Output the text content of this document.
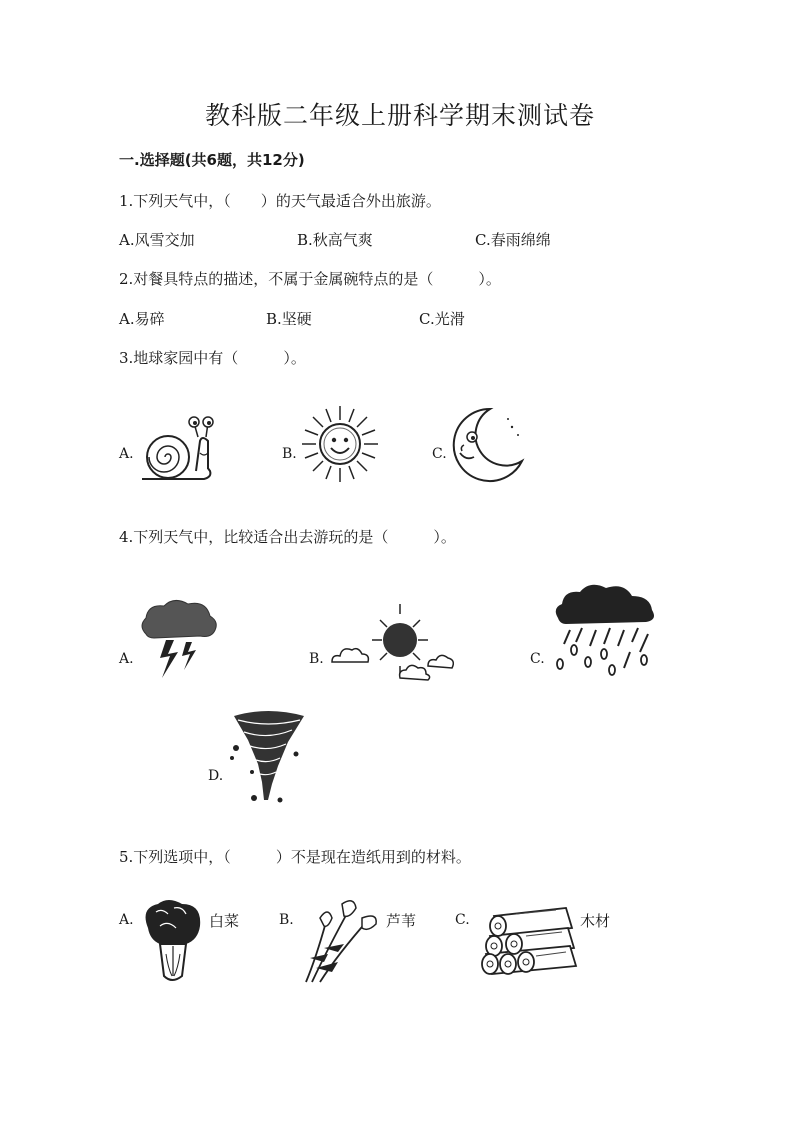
教科版二年级上册科学期末测试卷
一.选择题(共6题，共12分)
1.下列天气中，（　　）的天气最适合外出旅游。
A.风雪交加	B.秋高气爽	C.春雨绵绵
2.对餐具特点的描述，不属于金属碗特点的是（　　　）。
A.易碎	B.坚硬	C.光滑
3.地球家园中有（　　　）。
A.	B.	C.
4.下列天气中，比较适合出去游玩的是（　　　）。
A.	B.	C.
D.
5.下列选项中，（　　　）不是现在造纸用到的材料。
A.	B.	C.
白菜	芦苇	木材
